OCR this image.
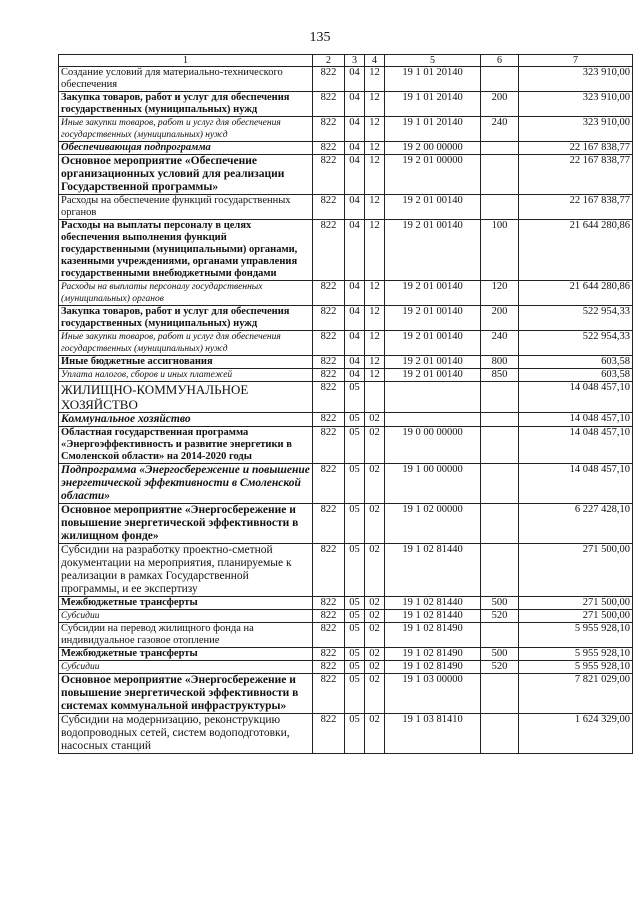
135
1	2	3	4	5	6	7
Создание условий для материально-технического обеспечения	822	04	12	19 1 01 20140		323 910,00
Закупка товаров, работ и услуг для обеспечения государственных (муниципальных) нужд	822	04	12	19 1 01 20140	200	323 910,00
Иные закупки товаров, работ и услуг для обеспечения государственных (муниципальных) нужд	822	04	12	19 1 01 20140	240	323 910,00
Обеспечивающая подпрограмма	822	04	12	19 2 00 00000		22 167 838,77
Основное мероприятие «Обеспечение организационных условий для реализации Государственной программы»	822	04	12	19 2 01 00000		22 167 838,77
Расходы на обеспечение функций государственных органов	822	04	12	19 2 01 00140		22 167 838,77
Расходы на выплаты персоналу в целях обеспечения выполнения функций государственными (муниципальными) органами, казенными учреждениями, органами управления государственными внебюджетными фондами	822	04	12	19 2 01 00140	100	21 644 280,86
Расходы на выплаты персоналу государственных (муниципальных) органов	822	04	12	19 2 01 00140	120	21 644 280,86
Закупка товаров, работ и услуг для обеспечения государственных (муниципальных) нужд	822	04	12	19 2 01 00140	200	522 954,33
Иные закупки товаров, работ и услуг для обеспечения государственных (муниципальных) нужд	822	04	12	19 2 01 00140	240	522 954,33
Иные бюджетные ассигнования	822	04	12	19 2 01 00140	800	603,58
Уплата налогов, сборов и иных платежей	822	04	12	19 2 01 00140	850	603,58
ЖИЛИЩНО-КОММУНАЛЬНОЕ ХОЗЯЙСТВО	822	05				14 048 457,10
Коммунальное хозяйство	822	05	02			14 048 457,10
Областная государственная программа «Энергоэффективность и развитие энергетики в Смоленской области» на 2014-2020 годы	822	05	02	19 0 00 00000		14 048 457,10
Подпрограмма «Энергосбережение и повышение энергетической эффективности в Смоленской области»	822	05	02	19 1 00 00000		14 048 457,10
Основное мероприятие «Энергосбережение и повышение энергетической эффективности в жилищном фонде»	822	05	02	19 1 02 00000		6 227 428,10
Субсидии на разработку проектно-сметной документации на мероприятия, планируемые к реализации в рамках Государственной программы, и ее экспертизу	822	05	02	19 1 02 81440		271 500,00
Межбюджетные трансферты	822	05	02	19 1 02 81440	500	271 500,00
Субсидии	822	05	02	19 1 02 81440	520	271 500,00
Субсидии на перевод жилищного фонда на индивидуальное газовое отопление	822	05	02	19 1 02 81490		5 955 928,10
Межбюджетные трансферты	822	05	02	19 1 02 81490	500	5 955 928,10
Субсидии	822	05	02	19 1 02 81490	520	5 955 928,10
Основное мероприятие «Энергосбережение и повышение энергетической эффективности в системах коммунальной инфраструктуры»	822	05	02	19 1 03 00000		7 821 029,00
Субсидии на модернизацию, реконструкцию водопроводных сетей, систем водоподготовки, насосных станций	822	05	02	19 1 03 81410		1 624 329,00
